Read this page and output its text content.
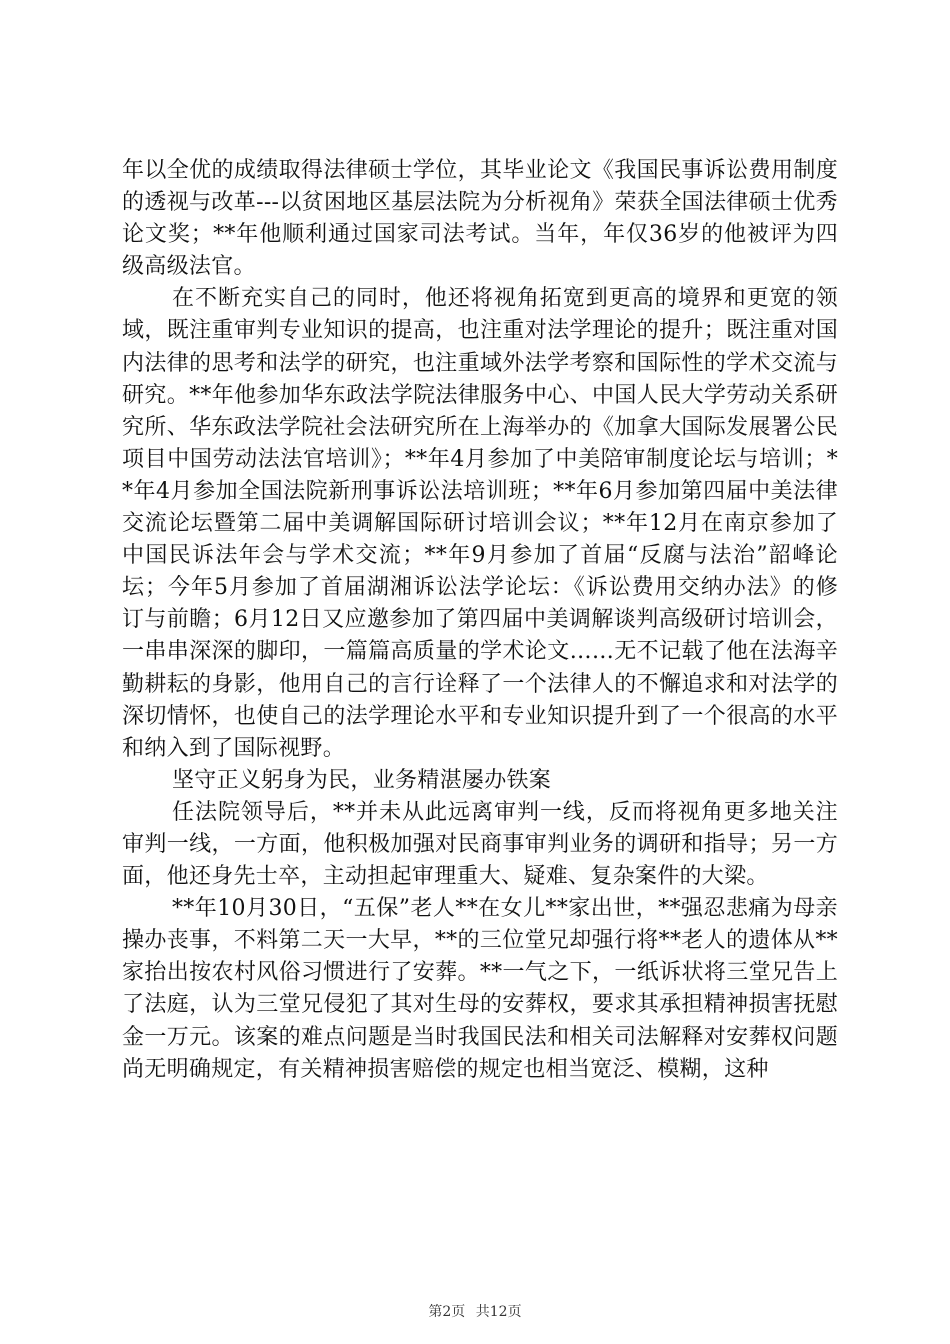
年以全优的成绩取得法律硕士学位，其毕业论文《我国民事诉讼费用制度的透视与改革---以贫困地区基层法院为分析视角》荣获全国法律硕士优秀论文奖；**年他顺利通过国家司法考试。当年，年仅36岁的他被评为四级高级法官。

在不断充实自己的同时，他还将视角拓宽到更高的境界和更宽的领域，既注重审判专业知识的提高，也注重对法学理论的提升；既注重对国内法律的思考和法学的研究，也注重域外法学考察和国际性的学术交流与研究。**年他参加华东政法学院法律服务中心、中国人民大学劳动关系研究所、华东政法学院社会法研究所在上海举办的《加拿大国际发展署公民项目中国劳动法法官培训》；**年4月参加了中美陪审制度论坛与培训；**年4月参加全国法院新刑事诉讼法培训班；**年6月参加第四届中美法律交流论坛暨第二届中美调解国际研讨培训会议；**年12月在南京参加了中国民诉法年会与学术交流；**年9月参加了首届“反腐与法治”韶峰论坛；今年5月参加了首届湖湘诉讼法学论坛：《诉讼费用交纳办法》的修订与前瞻；6月12日又应邀参加了第四届中美调解谈判高级研讨培训会，一串串深深的脚印，一篇篇高质量的学术论文……无不记载了他在法海辛勤耕耘的身影，他用自己的言行诠释了一个法律人的不懈追求和对法学的深切情怀，也使自己的法学理论水平和专业知识提升到了一个很高的水平和纳入到了国际视野。

坚守正义躬身为民，业务精湛屡办铁案

任法院领导后，**并未从此远离审判一线，反而将视角更多地关注审判一线，一方面，他积极加强对民商事审判业务的调研和指导；另一方面，他还身先士卒，主动担起审理重大、疑难、复杂案件的大梁。

**年10月30日，“五保”老人**在女儿**家出世，**强忍悲痛为母亲操办丧事，不料第二天一大早，**的三位堂兄却强行将**老人的遗体从**家抬出按农村风俗习惯进行了安葬。**一气之下，一纸诉状将三堂兄告上了法庭，认为三堂兄侵犯了其对生母的安葬权，要求其承担精神损害抚慰金一万元。该案的难点问题是当时我国民法和相关司法解释对安葬权问题尚无明确规定，有关精神损害赔偿的规定也相当宽泛、模糊，这种

第2页 共12页
